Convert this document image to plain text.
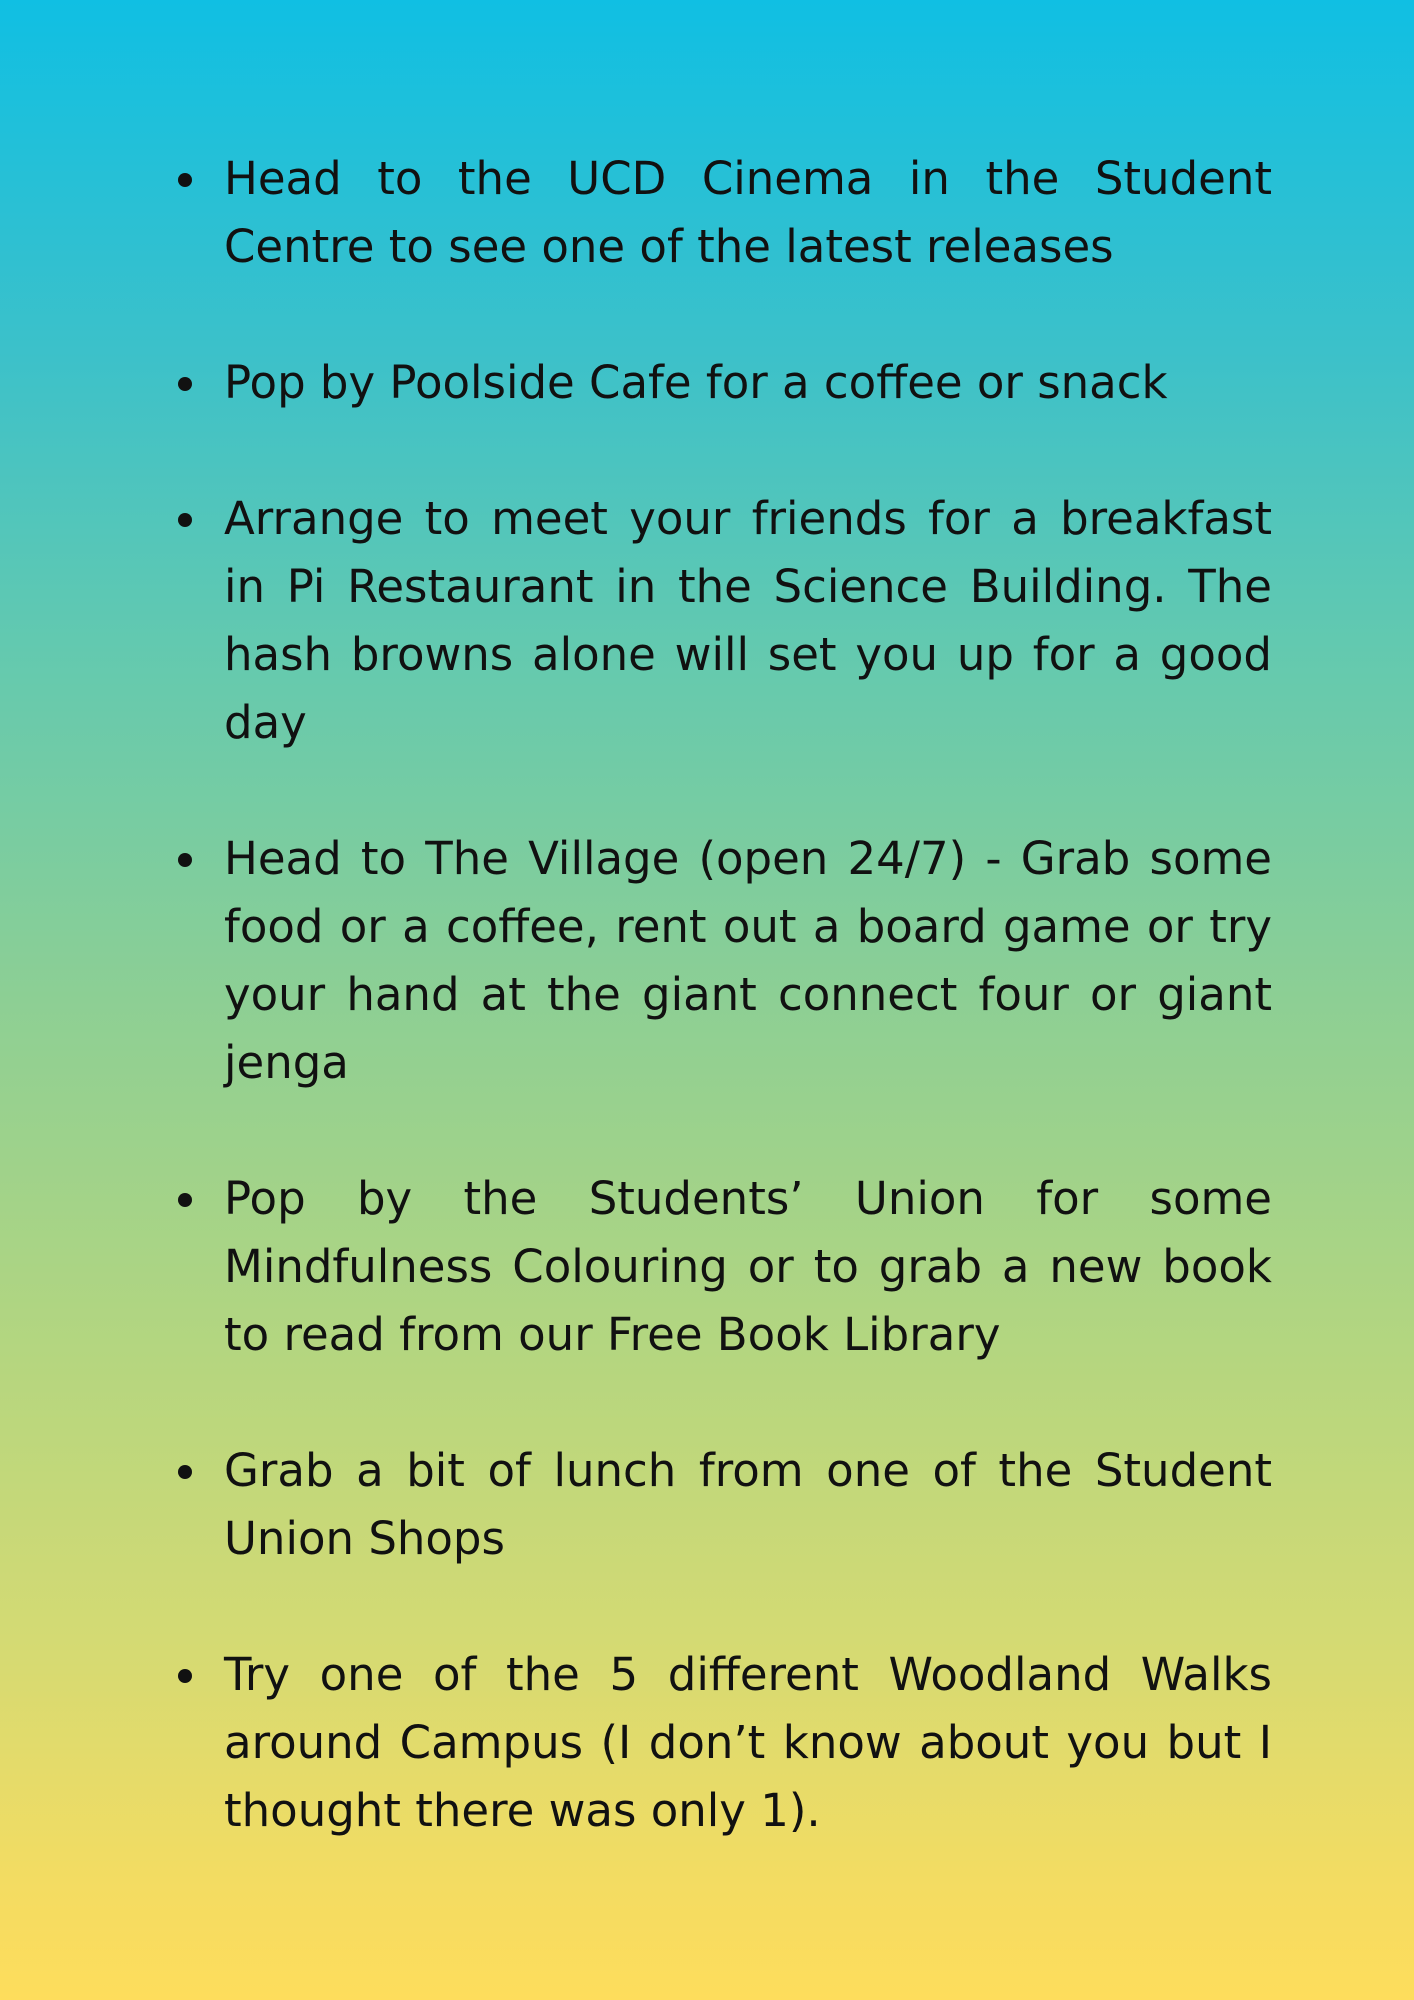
Head to the UCD Cinema in the Student Centre to see one of the latest releases
Pop by Poolside Cafe for a coffee or snack
Arrange to meet your friends for a breakfast in Pi Restaurant in the Science Building. The hash browns alone will set you up for a good day
Head to The Village (open 24/7) - Grab some food or a coffee, rent out a board game or try your hand at the giant connect four or giant jenga
Pop by the Students’ Union for some Mindfulness Colouring or to grab a new book to read from our Free Book Library
Grab a bit of lunch from one of the Student Union Shops
Try one of the 5 different Woodland Walks around Campus (I don’t know about you but I thought there was only 1).
